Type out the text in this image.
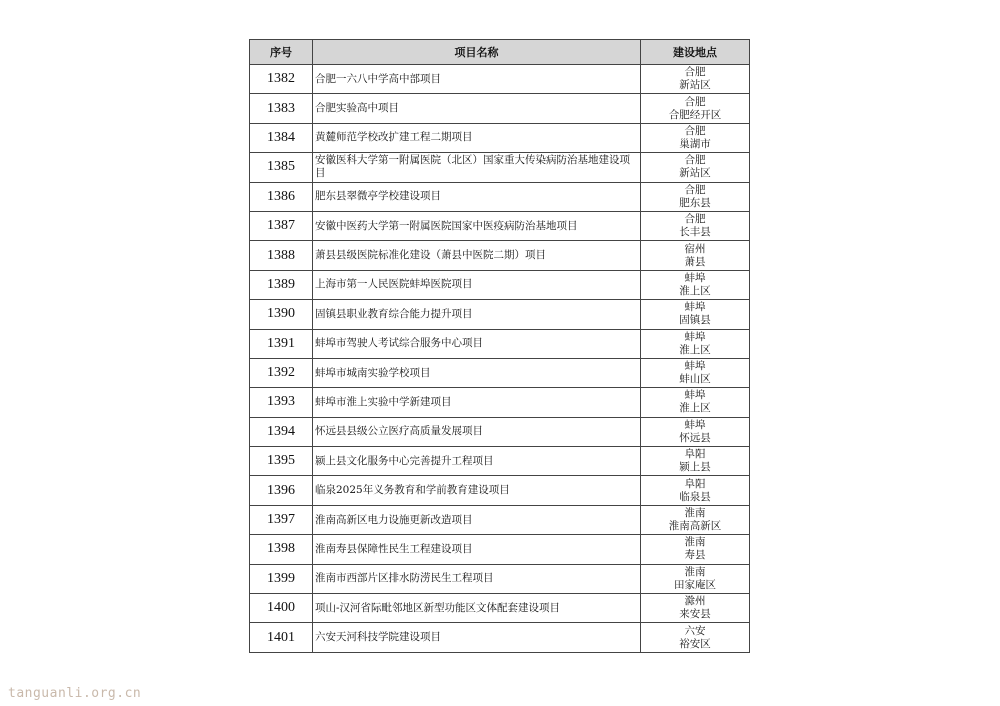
序号	项目名称	建设地点
1382	合肥一六八中学高中部项目	合肥
新站区

1383	合肥实验高中项目	合肥
合肥经开区

1384	黄麓师范学校改扩建工程二期项目	合肥
巢湖市

1385	安徽医科大学第一附属医院（北区）国家重大传染病防治基地建设项目	合肥
新站区

1386	肥东县翠微亭学校建设项目	合肥
肥东县

1387	安徽中医药大学第一附属医院国家中医疫病防治基地项目	合肥
长丰县

1388	萧县县级医院标准化建设（萧县中医院二期）项目	宿州
萧县

1389	上海市第一人民医院蚌埠医院项目	蚌埠
淮上区

1390	固镇县职业教育综合能力提升项目	蚌埠
固镇县

1391	蚌埠市驾驶人考试综合服务中心项目	蚌埠
淮上区

1392	蚌埠市城南实验学校项目	蚌埠
蚌山区

1393	蚌埠市淮上实验中学新建项目	蚌埠
淮上区

1394	怀远县县级公立医疗高质量发展项目	蚌埠
怀远县

1395	颍上县文化服务中心完善提升工程项目	阜阳
颍上县

1396	临泉2025年义务教育和学前教育建设项目	阜阳
临泉县

1397	淮南高新区电力设施更新改造项目	淮南
淮南高新区

1398	淮南寿县保障性民生工程建设项目	淮南
寿县

1399	淮南市西部片区排水防涝民生工程项目	淮南
田家庵区

1400	项山-汉河省际毗邻地区新型功能区文体配套建设项目	滁州
来安县

1401	六安天河科技学院建设项目	六安
裕安区
tanguanli.org.cn
